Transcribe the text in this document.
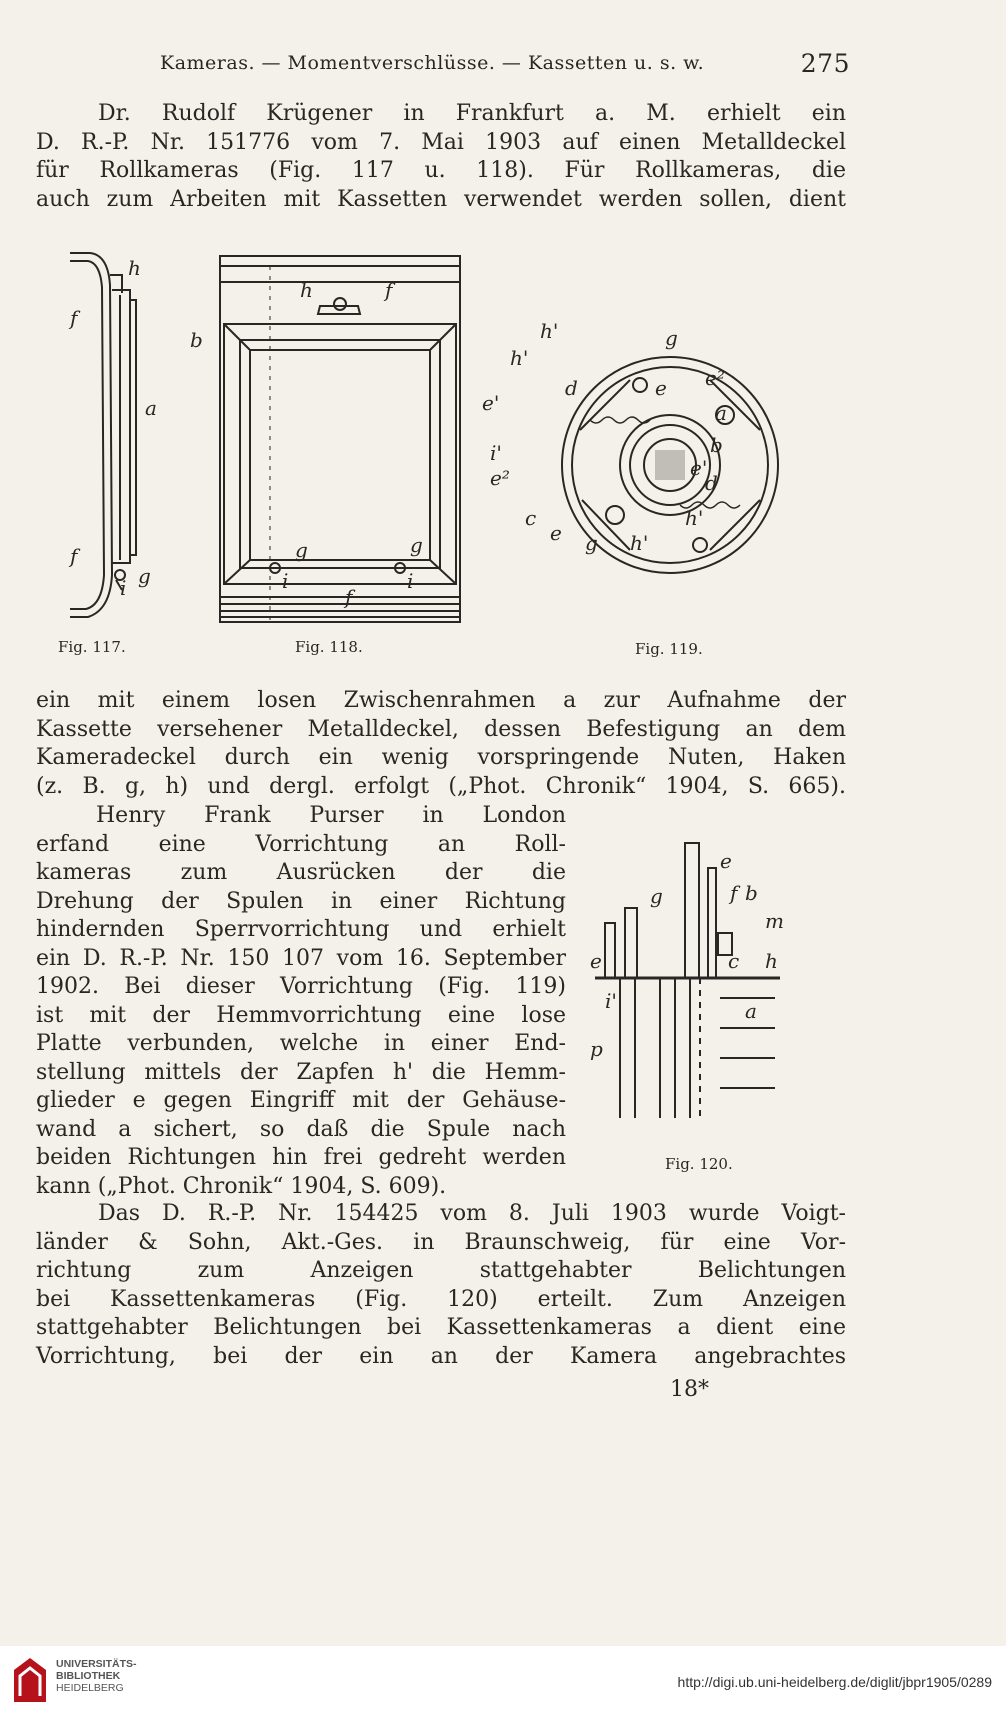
Kameras. — Momentverschlüsse. — Kassetten u. s. w.	275
Dr. Rudolf Krügener in Frankfurt a. M. erhielt ein
D. R.-P. Nr. 151776 vom 7. Mai 1903 auf einen Metalldeckel
für Rollkameras (Fig. 117 u. 118). Für Rollkameras, die
auch zum Arbeiten mit Kassetten verwendet werden sollen, dient
h
f
a
f
g
i
Fig. 117.
h	f
b
g	g
i	i
f
Fig. 118.
h'	g
h'
d	e e²
e'	a
i'	b
e²	e'
d
c
e g h'
h'
Fig. 119.
ein mit einem losen Zwischenrahmen a zur Aufnahme der
Kassette versehener Metalldeckel, dessen Befestigung an dem
Kameradeckel durch ein wenig vorspringende Nuten, Haken
(z. B. g, h) und dergl. erfolgt („Phot. Chronik“ 1904, S. 665).
Henry Frank Purser in London
erfand eine Vorrichtung an Roll-
kameras zum Ausrücken der die
Drehung der Spulen in einer Richtung
hindernden Sperrvorrichtung und erhielt
ein D. R.-P. Nr. 150 107 vom 16. September
1902. Bei dieser Vorrichtung (Fig. 119)
ist mit der Hemmvorrichtung eine lose
Platte verbunden, welche in einer End-
stellung mittels der Zapfen h' die Hemm-
glieder e gegen Eingriff mit der Gehäuse-
wand a sichert, so daß die Spule nach
beiden Richtungen hin frei gedreht werden
kann („Phot. Chronik“ 1904, S. 609).
e
g	f b
m
e	c h
i'	a
p
Fig. 120.
Das D. R.-P. Nr. 154425 vom 8. Juli 1903 wurde Voigt-
länder & Sohn, Akt.-Ges. in Braunschweig, für eine Vor-
richtung zum Anzeigen stattgehabter Belichtungen
bei Kassettenkameras (Fig. 120) erteilt. Zum Anzeigen
stattgehabter Belichtungen bei Kassettenkameras a dient eine
Vorrichtung, bei der ein an der Kamera angebrachtes
18*
UNIVERSITÄTS-
BIBLIOTHEK
HEIDELBERG	http://digi.ub.uni-heidelberg.de/diglit/jbpr1905/0289
